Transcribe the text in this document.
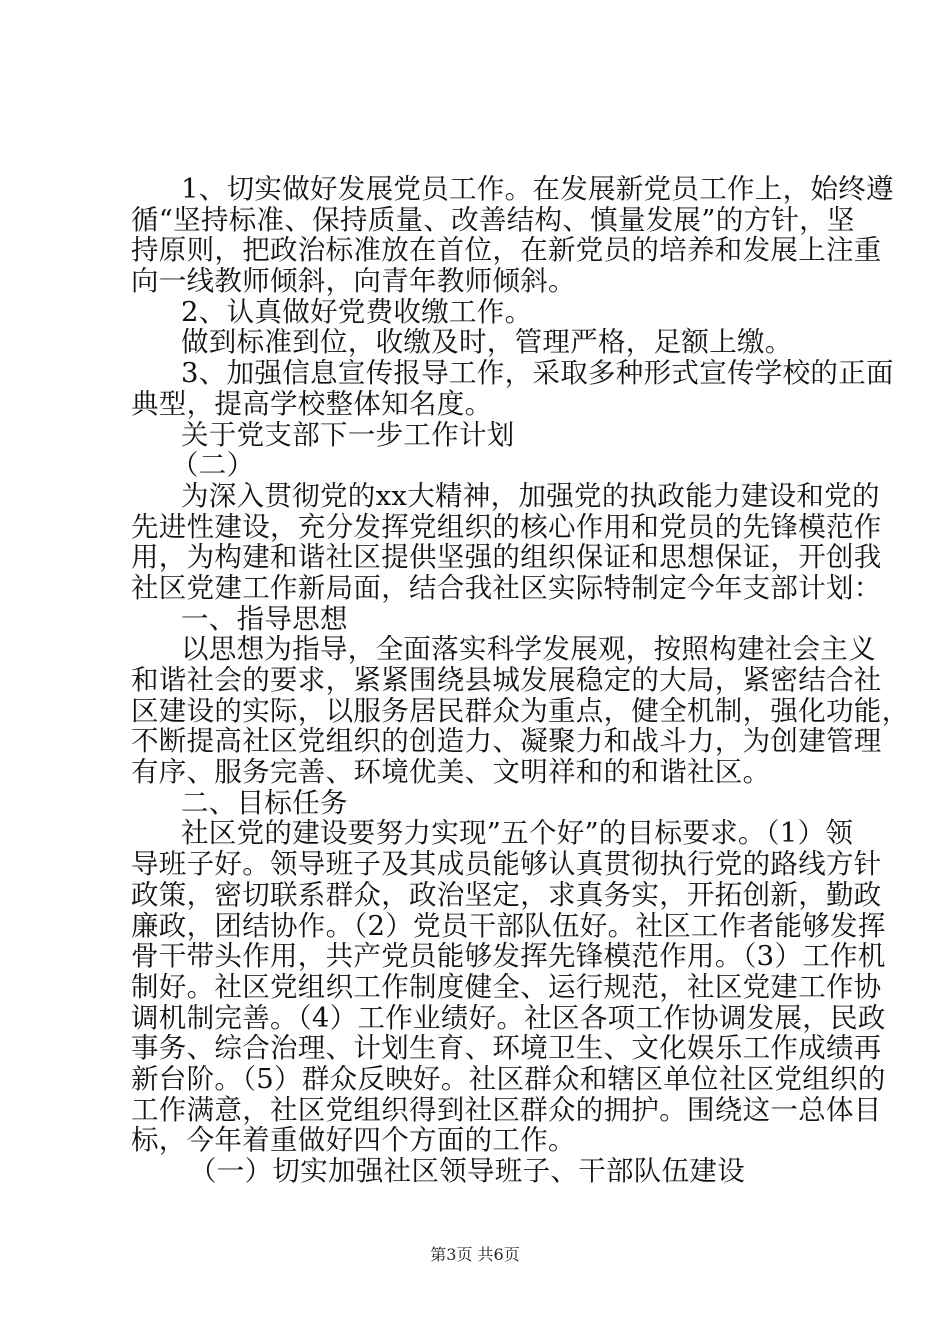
1、切实做好发展党员工作。在发展新党员工作上，始终遵
循“坚持标准、保持质量、改善结构、慎量发展”的方针，坚
持原则，把政治标准放在首位，在新党员的培养和发展上注重
向一线教师倾斜，向青年教师倾斜。
2、认真做好党费收缴工作。
做到标准到位，收缴及时，管理严格，足额上缴。
3、加强信息宣传报导工作，采取多种形式宣传学校的正面
典型，提高学校整体知名度。
关于党支部下一步工作计划
（二）
为深入贯彻党的xx大精神，加强党的执政能力建设和党的
先进性建设，充分发挥党组织的核心作用和党员的先锋模范作
用，为构建和谐社区提供坚强的组织保证和思想保证，开创我
社区党建工作新局面，结合我社区实际特制定今年支部计划：
一、指导思想
以思想为指导，全面落实科学发展观，按照构建社会主义
和谐社会的要求，紧紧围绕县城发展稳定的大局，紧密结合社
区建设的实际，以服务居民群众为重点，健全机制，强化功能，
不断提高社区党组织的创造力、凝聚力和战斗力，为创建管理
有序、服务完善、环境优美、文明祥和的和谐社区。
二、目标任务
社区党的建设要努力实现”五个好”的目标要求。（1）领
导班子好。领导班子及其成员能够认真贯彻执行党的路线方针
政策，密切联系群众，政治坚定，求真务实，开拓创新，勤政
廉政，团结协作。（2）党员干部队伍好。社区工作者能够发挥
骨干带头作用，共产党员能够发挥先锋模范作用。（3）工作机
制好。社区党组织工作制度健全、运行规范，社区党建工作协
调机制完善。（4）工作业绩好。社区各项工作协调发展，民政
事务、综合治理、计划生育、环境卫生、文化娱乐工作成绩再
新台阶。（5）群众反映好。社区群众和辖区单位社区党组织的
工作满意，社区党组织得到社区群众的拥护。围绕这一总体目
标，今年着重做好四个方面的工作。
（一）切实加强社区领导班子、干部队伍建设
第3页 共6页
